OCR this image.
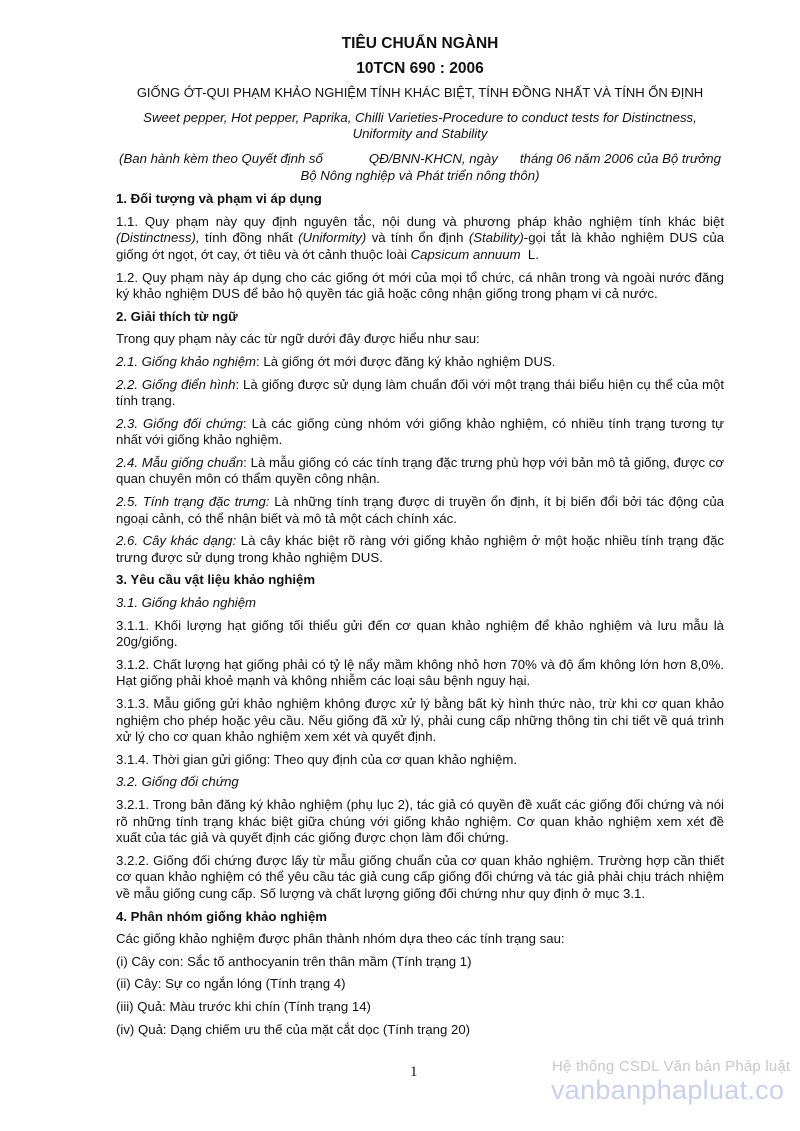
TIÊU CHUẨN NGÀNH
10TCN 690 : 2006
GIỐNG ỚT-QUI PHẠM KHẢO NGHIỆM TÍNH KHÁC BIỆT, TÍNH ĐỒNG NHẤT VÀ TÍNH ỔN ĐỊNH
Sweet pepper, Hot pepper, Paprika, Chilli Varieties-Procedure to conduct tests for Distinctness, Uniformity and Stability
(Ban hành kèm theo Quyết định số	QĐ/BNN-KHCN, ngày tháng 06 năm 2006 của Bộ trưởng Bộ Nông nghiệp và Phát triển nông thôn)
1. Đối tượng và phạm vi áp dụng

1.1. Quy phạm này quy định nguyên tắc, nội dung và phương pháp khảo nghiệm tính khác biệt (Distinctness), tính đồng nhất (Uniformity) và tính ổn định (Stability)-gọi tắt là khảo nghiệm DUS của giống ớt ngọt, ớt cay, ớt tiêu và ớt cảnh thuộc loài Capsicum annuum L.

1.2. Quy phạm này áp dụng cho các giống ớt mới của mọi tổ chức, cá nhân trong và ngoài nước đăng ký khảo nghiệm DUS để bảo hộ quyền tác giả hoặc công nhận giống trong phạm vi cả nước.

2. Giải thích từ ngữ

Trong quy phạm này các từ ngữ dưới đây được hiểu như sau:

2.1. Giống khảo nghiệm: Là giống ớt mới được đăng ký khảo nghiệm DUS.

2.2. Giống điển hình: Là giống được sử dụng làm chuẩn đối với một trạng thái biểu hiện cụ thể của một tính trạng.

2.3. Giống đối chứng: Là các giống cùng nhóm với giống khảo nghiệm, có nhiều tính trạng tương tự nhất với giống khảo nghiệm.

2.4. Mẫu giống chuẩn: Là mẫu giống có các tính trạng đặc trưng phù hợp với bản mô tả giống, được cơ quan chuyên môn có thẩm quyền công nhận.

2.5. Tính trạng đặc trưng: Là những tính trạng được di truyền ổn định, ít bị biến đổi bởi tác động của ngoại cảnh, có thể nhận biết và mô tả một cách chính xác.

2.6. Cây khác dạng: Là cây khác biệt rõ ràng với giống khảo nghiệm ở một hoặc nhiều tính trạng đặc trưng được sử dụng trong khảo nghiệm DUS.

3. Yêu cầu vật liệu khảo nghiệm

3.1. Giống khảo nghiệm

3.1.1. Khối lượng hạt giống tối thiểu gửi đến cơ quan khảo nghiệm để khảo nghiệm và lưu mẫu là 20g/giống.

3.1.2. Chất lượng hạt giống phải có tỷ lệ nẩy mầm không nhỏ hơn 70% và độ ẩm không lớn hơn 8,0%. Hạt giống phải khoẻ mạnh và không nhiễm các loại sâu bệnh nguy hại.

3.1.3. Mẫu giống gửi khảo nghiệm không được xử lý bằng bất kỳ hình thức nào, trừ khi cơ quan khảo nghiệm cho phép hoặc yêu cầu. Nếu giống đã xử lý, phải cung cấp những thông tin chi tiết về quá trình xử lý cho cơ quan khảo nghiệm xem xét và quyết định.

3.1.4. Thời gian gửi giống: Theo quy định của cơ quan khảo nghiệm.

3.2. Giống đối chứng

3.2.1. Trong bản đăng ký khảo nghiệm (phụ lục 2), tác giả có quyền đề xuất các giống đối chứng và nói rõ những tính trạng khác biệt giữa chúng với giống khảo nghiệm. Cơ quan khảo nghiệm xem xét đề xuất của tác giả và quyết định các giống được chọn làm đối chứng.

3.2.2. Giống đối chứng được lấy từ mẫu giống chuẩn của cơ quan khảo nghiệm. Trường hợp cần thiết cơ quan khảo nghiệm có thể yêu cầu tác giả cung cấp giống đối chứng và tác giả phải chịu trách nhiệm về mẫu giống cung cấp. Số lượng và chất lượng giống đối chứng như quy định ở mục 3.1.

4. Phân nhóm giống khảo nghiệm

Các giống khảo nghiệm được phân thành nhóm dựa theo các tính trạng sau:

(i) Cây con: Sắc tố anthocyanin trên thân mầm (Tính trạng 1)

(ii) Cây: Sự co ngắn lóng (Tính trạng 4)

(iii) Quả: Màu trước khi chín (Tính trạng 14)

(iv) Quả: Dạng chiếm ưu thế của mặt cắt dọc (Tính trạng 20)

1	Hệ thống CSDL Văn bản Pháp luật
vanbanphapluat.co
